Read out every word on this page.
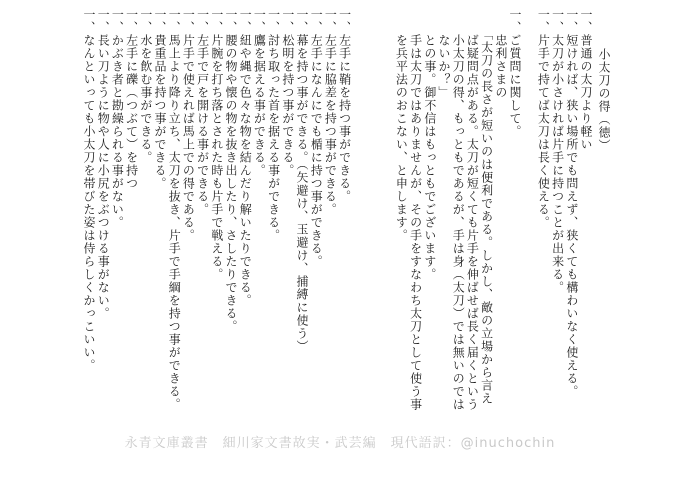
小太刀の得（徳）
一、普通の太刀より軽い
一、短ければ、狭い場所でも問えず、狭くても構わいなく使える。
一、太刀が小さければ片手に持つことが出来る。
一、片手で持てば太刀は長く使える。
一、ご質問に関して。
　　忠利さまの
　　「太刀の長さが短いのは便利である。しかし、敵の立場から言え
　　ば疑問点がある。太刀が短くても片手を伸ばせば長く届くという
　　小太刀の得、もっともであるが、手は身（太刀）では無いのでは
　　ないか？」
　　との事。御不信はもっともでございます。
　　手は太刀ではありませんが、その手をすなわち太刀として使う事
　　を兵平法のおこない、と申します。
一、左手に鞘を持つ事ができる。
一、左手に脇差を持つ事ができる。
一、左手になんにでも楯に持つ事ができる。
一、幕を持つ事ができる。（矢避け、玉避け、捕縛に使う）
一、松明を持つ事ができる。
一、討ち取った首を据える事ができる。
一、鷹を据える事ができる。
一、紐や縄で色々な物を結んだり解いたりできる。
一、腰の物や懐の物を抜き出したり、さしたりできる。
一、片腕を打ち落とされた時も片手で戦える。
一、左手で戸を開ける事ができる。
一、片手で使えれば馬上での得である。
一、馬上より降り立ち、太刀を抜き、片手で手綱を持つ事ができる。
一、貴重品を持つ事ができる。
一、水を飲む事ができる。
一、左手に礫（つぶて）を持つ
一、かぶき者と勘繰られる事がない。
一、長い刀ように物や人に小尻をぶつける事がない。
一、なんといっても小太刀を帯びた姿は侍らしくかっこいい。
永青文庫叢書　細川家文書故実・武芸編　現代語訳：@inuchochin
